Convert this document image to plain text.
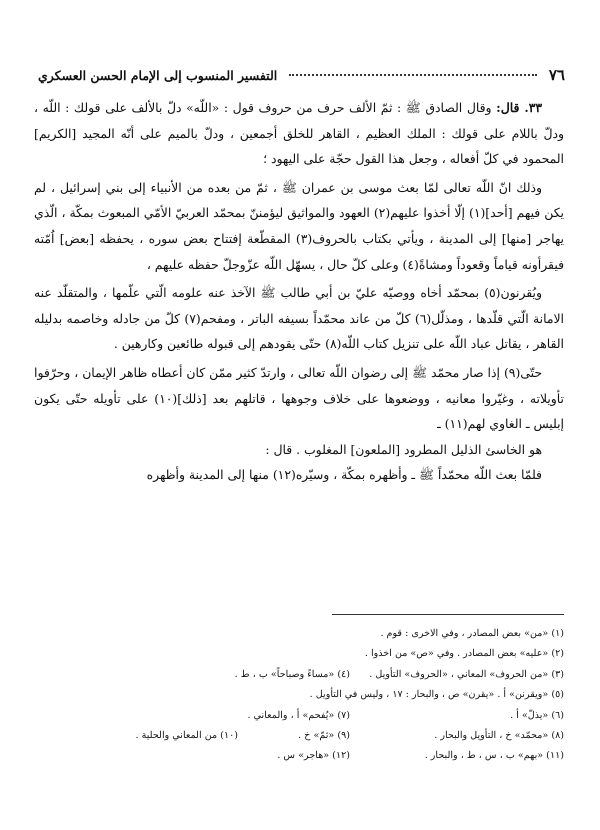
٧٦
التفسير المنسوب إلى الإمام الحسن العسكري

٣٣. قال: وقال الصادق ﷺ : ثمّ الألف حرف من حروف قول : «اللّه» دلّ بالألف على قولك : اللّه ، ودلّ باللام على قولك : الملك العظيم ، القاهر للخلق أجمعين ، ودلّ بالميم على أنّه المجيد [الكريم] المحمود في كلّ أفعاله ، وجعل هذا القول حجّة على اليهود ؛

وذلك انّ اللّه تعالى لمّا بعث موسى بن عمران ﷺ ، ثمّ من بعده من الأنبياء إلى بني إسرائيل ، لم يكن فيهم [أحد](١) إلّا أخذوا عليهم(٢) العهود والمواثيق ليؤمننّ بمحمّد العربيّ الأمّي المبعوث بمكّة ، الّذي يهاجر [منها] إلى المدينة ، ويأتي بكتاب بالحروف(٣) المقطّعة إفتتاح بعض سوره ، يحفظه [بعض] اُمّته فيقرأونه قياماً وقعوداً ومشاةً(٤) وعلى كلّ حال ، يسهّل اللّه عزّوجلّ حفظه عليهم ،

ويُقرنون(٥) بمحمّد أخاه ووصيّه عليّ بن أبي طالب ﷺ الآخذ عنه علومه الّتي علّمها ، والمتقلّد عنه الامانة الّتي قلّدها ، ومذلّل(٦) كلّ من عاند محمّداً بسيفه الباتر ، ومفحم(٧) كلّ من جادله وخاصمه بدليله القاهر ، يقاتل عباد اللّه على تنزيل كتاب اللّه(٨) حتّى يقودهم إلى قبوله طائعين وكارهين .

حتّى(٩) إذا صار محمّد ﷺ إلى رضوان اللّه تعالى ، وارتدّ كثير ممّن كان أعطاه ظاهر الإيمان ، وحرّفوا تأويلاته ، وغيّروا معانيه ، ووضعوها على خلاف وجوهها ، قاتلهم بعد [ذلك](١٠) على تأويله حتّى يكون إبليس ـ الغاوي لهم(١١) ـ

هو الخاسئ الذليل المطرود [الملعون] المغلوب . قال :

فلمّا بعث اللّه محمّداً ﷺ ـ وأظهره بمكّة ، وسيّره(١٢) منها إلى المدينة وأظهره

(١) «من» بعض المصادر ، وفي الاخرى : قوم .
(٢) «عليه» بعض المصادر . وفي «ص» من اخذوا .
(٣) «من الحروف» المعاني ، «الحروف» التأويل .
(٤) «مساءً وصباحاً» ب ، ط .
(٥) «ويقرنن» أ . «يقرن» ص ، والبحار : ١٧ ، وليس في التأويل .
(٦) «يذلّ» أ .
(٧) «يُفحم» أ ، والمعاني .
(٨) «محمّد» خ ، التأويل والبحار .
(٩) «ثمّ» خ .
(١٠) من المعاني والحلية .
(١١) «بهم» ب ، س ، ط ، والبحار .
(١٢) «هاجر» س .
